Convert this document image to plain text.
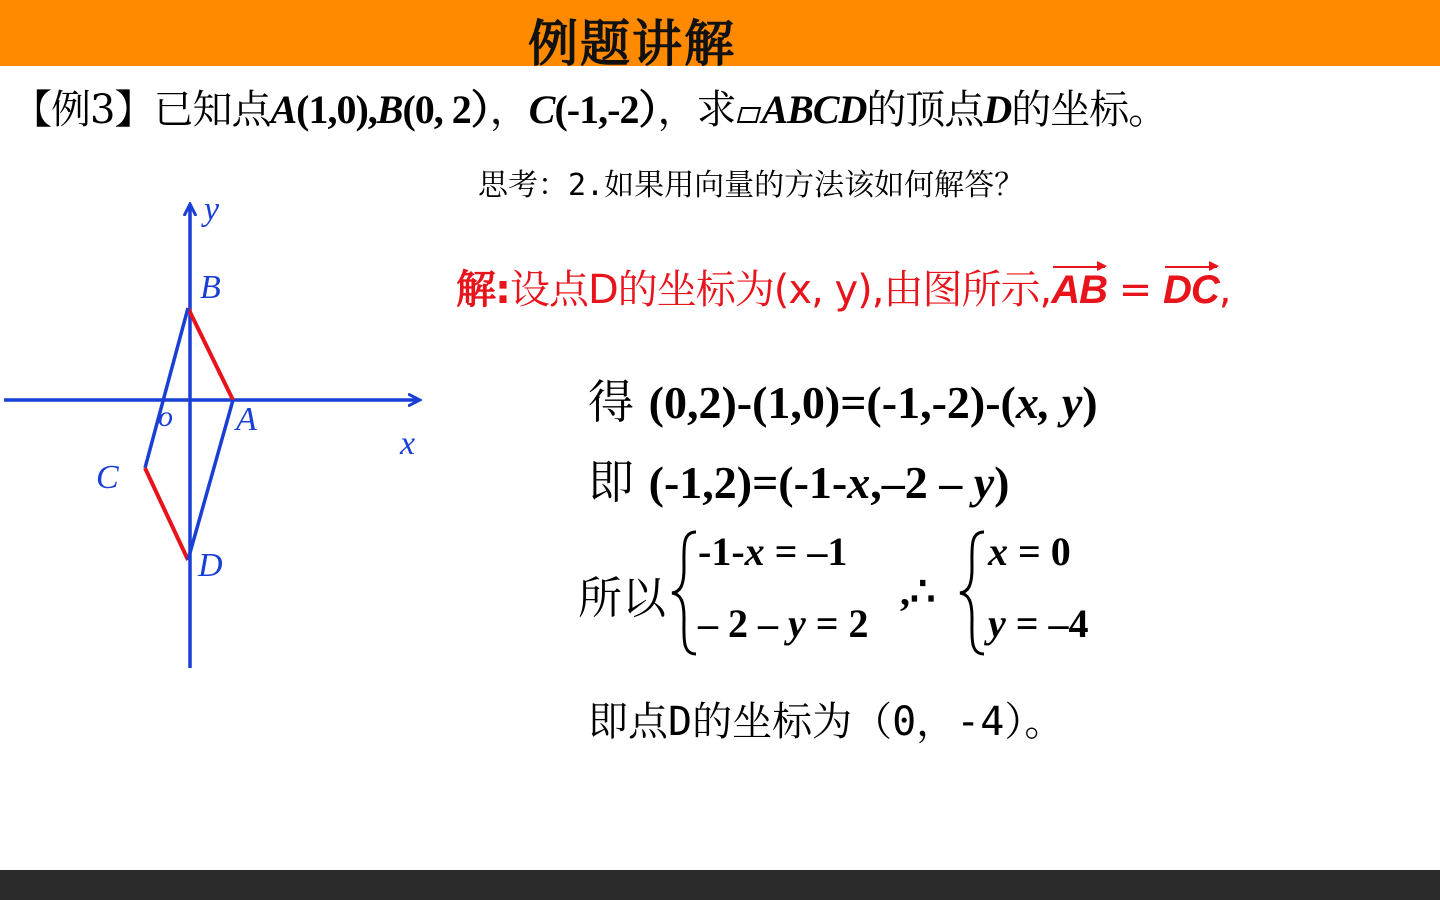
例题讲解
【例3】已知点A(1,0),B(0, 2），C(-1,-2），求 ABCD的顶点D的坐标。
思考：2.如果用向量的方法该如何解答？
y
x
o A
B
C
D
解:设点D的坐标为(x, y),由图所示,AB = DC,
得 (0,2)-(1,0)=(-1,-2)-(x, y)
即 (-1,2)=(-1-x,–2 – y)
所以
-1-x = –1
– 2 – y = 2
,∴
x = 0
y = –4
即点D的坐标为（0，-4）。
